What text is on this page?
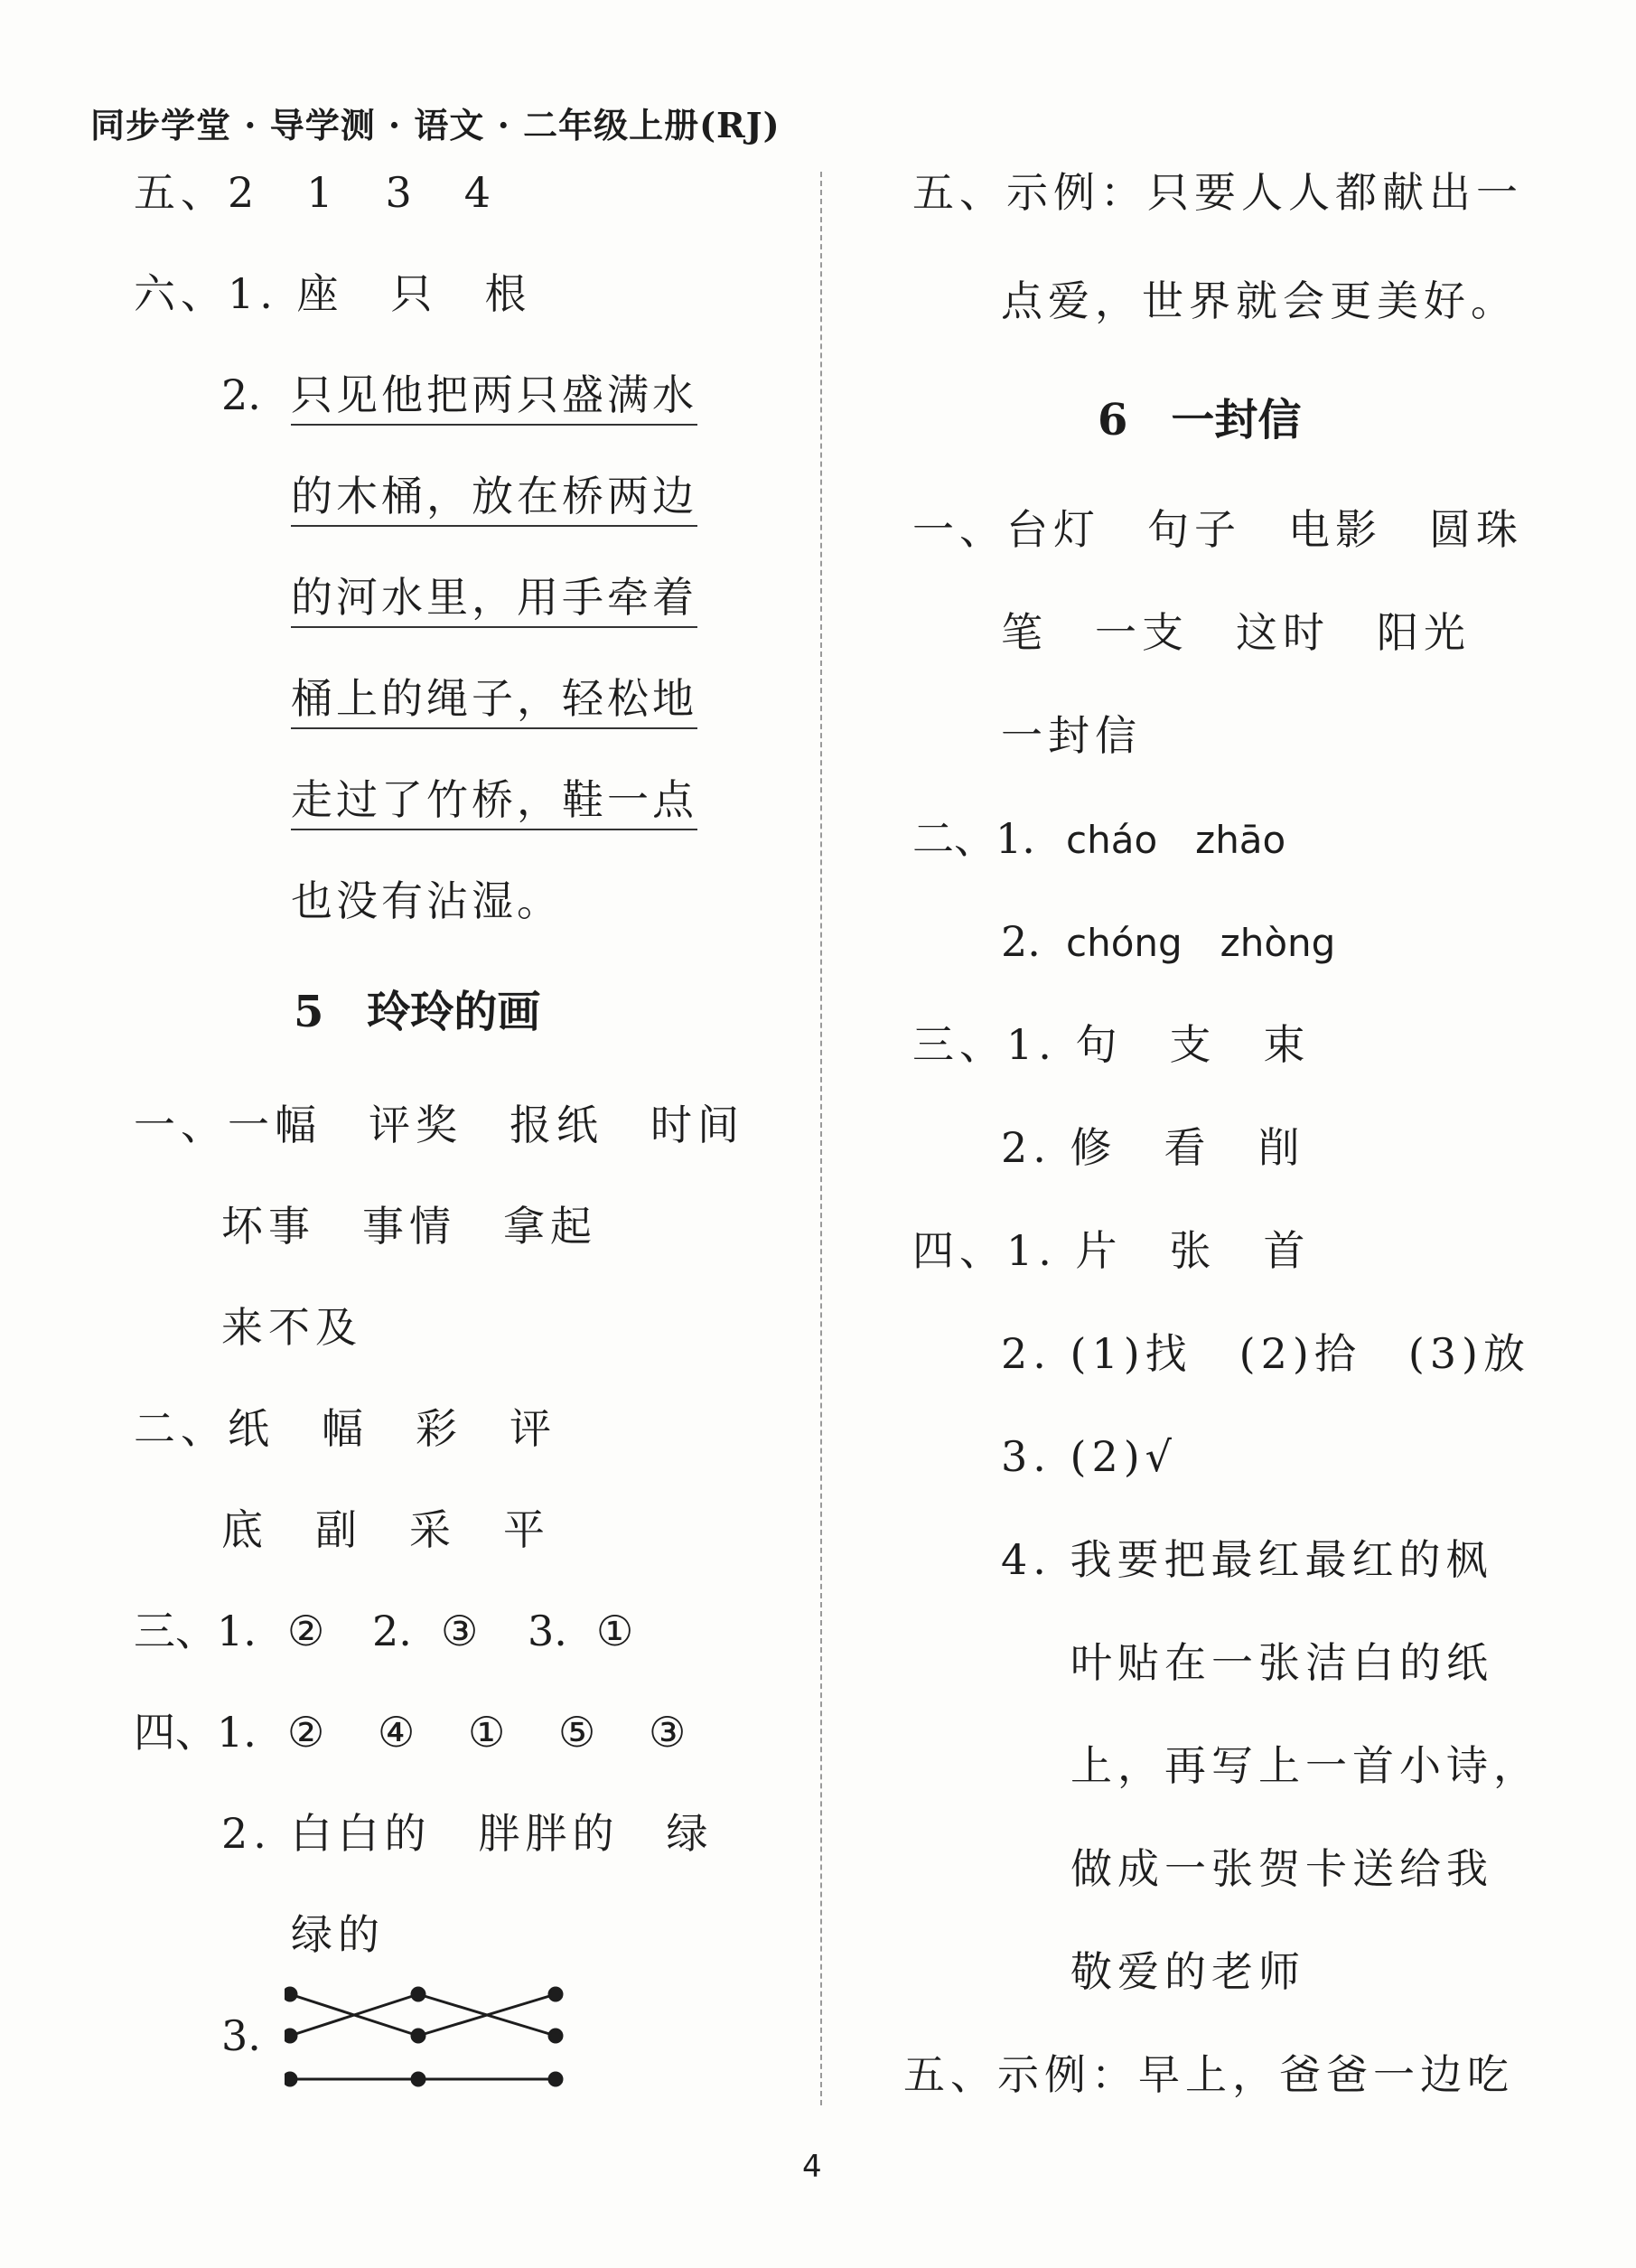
同步学堂 · 导学测 · 语文 · 二年级上册(RJ)
五、2　1　3　4
六、1. 座　只　根
2. 只见他把两只盛满水
的木桶，放在桥两边
的河水里，用手牵着
桶上的绳子，轻松地
走过了竹桥，鞋一点
也没有沾湿。
5　玲玲的画
一、一幅　评奖　报纸　时间
坏事　事情　拿起
来不及
二、纸　幅　彩　评
底　副　采　平
三、1. ② 2. ③ 3. ①
四、1. ② ④ ① ⑤ ③
2. 白白的　胖胖的　绿
绿的
3.
五、示例：只要人人都献出一
点爱，世界就会更美好。
6　一封信
一、台灯　句子　电影　圆珠
笔　一支　这时　阳光
一封信
二、1. cháo　zhāo
2. chóng　zhòng
三、1. 句　支　束
2. 修　看　削
四、1. 片　张　首
2. (1)找　(2)拾　(3)放
3. (2)√
4. 我要把最红最红的枫
叶贴在一张洁白的纸
上，再写上一首小诗，
做成一张贺卡送给我
敬爱的老师
五、示例：早上，爸爸一边吃
4
